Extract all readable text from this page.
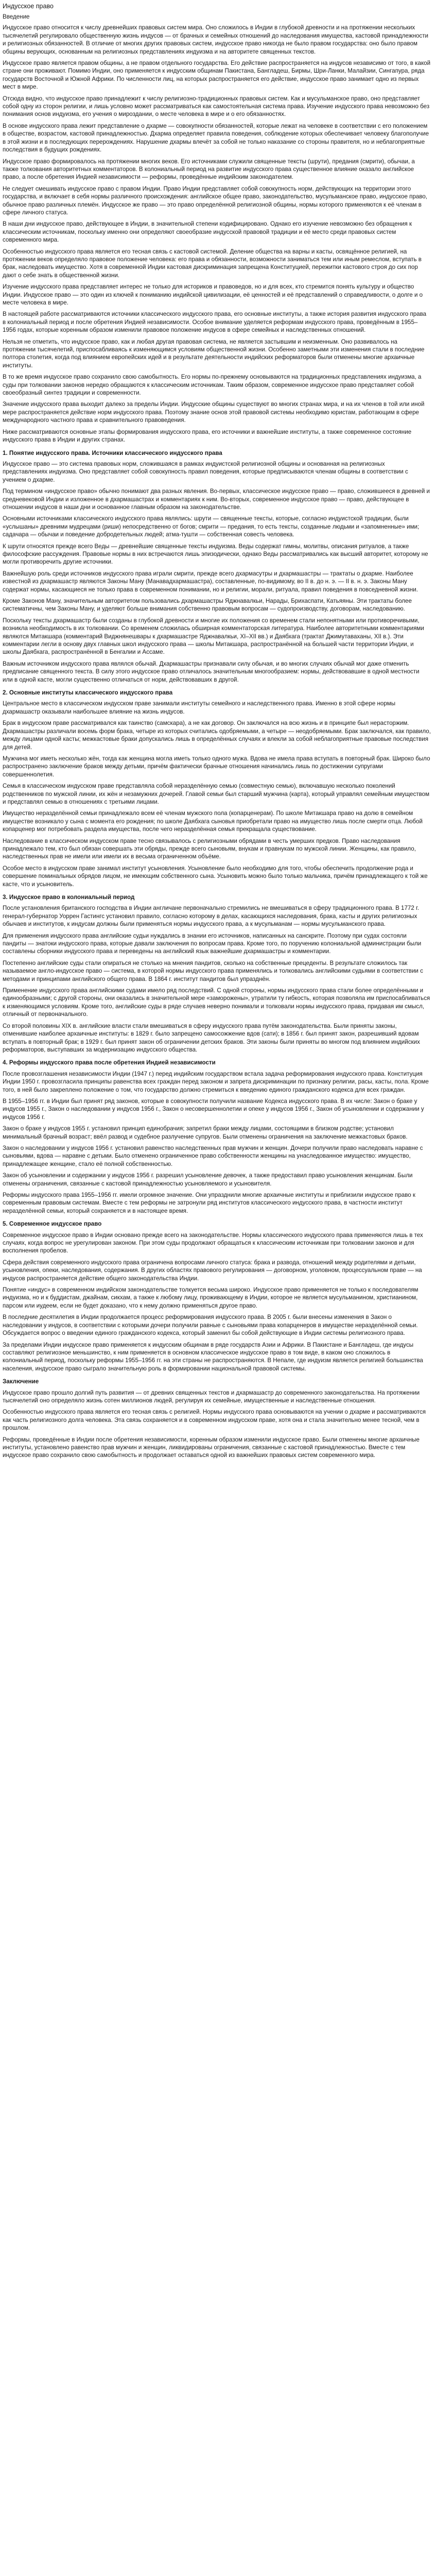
Индусское право
Введение

Индусское право относится к числу древнейших правовых систем мира. Оно сложилось в Индии в глубокой древности и на протяжении нескольких тысячелетий регулировало общественную жизнь индусов — от брачных и семейных отношений до наследования имущества, кастовой принадлежности и религиозных обязанностей. В отличие от многих других правовых систем, индусское право никогда не было правом государства: оно было правом общины верующих, основанным на религиозных представлениях индуизма и на авторитете священных текстов.

Индусское право является правом общины, а не правом отдельного государства. Его действие распространяется на индусов независимо от того, в какой стране они проживают. Помимо Индии, оно применяется к индусским общинам Пакистана, Бангладеш, Бирмы, Шри-Ланки, Малайзии, Сингапура, ряда государств Восточной и Южной Африки. По численности лиц, на которых распространяется его действие, индусское право занимает одно из первых мест в мире.

Отсюда видно, что индусское право принадлежит к числу религиозно-традиционных правовых систем. Как и мусульманское право, оно представляет собой одну из сторон религии, и лишь условно может рассматриваться как самостоятельная система права. Изучение индусского права невозможно без понимания основ индуизма, его учения о мироздании, о месте человека в мире и о его обязанностях.

В основе индусского права лежит представление о дхарме — совокупности обязанностей, которые лежат на человеке в соответствии с его положением в обществе, возрастом, кастовой принадлежностью. Дхарма определяет правила поведения, соблюдение которых обеспечивает человеку благополучие в этой жизни и в последующих перерождениях. Нарушение дхармы влечёт за собой не только наказание со стороны правителя, но и неблагоприятные последствия в будущих рождениях.

Индусское право формировалось на протяжении многих веков. Его источниками служили священные тексты (шрути), предания (смрити), обычаи, а также толкования авторитетных комментаторов. В колониальный период на развитие индусского права существенное влияние оказало английское право, а после обретения Индией независимости — реформы, проведённые индийским законодателем.

Не следует смешивать индусское право с правом Индии. Право Индии представляет собой совокупность норм, действующих на территории этого государства, и включает в себя нормы различного происхождения: английское общее право, законодательство, мусульманское право, индусское право, обычное право различных племён. Индусское же право — это право определённой религиозной общины, нормы которого применяются к её членам в сфере личного статуса.

В наши дни индусское право, действующее в Индии, в значительной степени кодифицировано. Однако его изучение невозможно без обращения к классическим источникам, поскольку именно они определяют своеобразие индусской правовой традиции и её место среди правовых систем современного мира.

Особенностью индусского права является его тесная связь с кастовой системой. Деление общества на варны и касты, освящённое религией, на протяжении веков определяло правовое положение человека: его права и обязанности, возможности заниматься тем или иным ремеслом, вступать в брак, наследовать имущество. Хотя в современной Индии кастовая дискриминация запрещена Конституцией, пережитки кастового строя до сих пор дают о себе знать в общественной жизни.

Изучение индусского права представляет интерес не только для историков и правоведов, но и для всех, кто стремится понять культуру и общество Индии. Индусское право — это один из ключей к пониманию индийской цивилизации, её ценностей и её представлений о справедливости, о долге и о месте человека в мире.

В настоящей работе рассматриваются источники классического индусского права, его основные институты, а также история развития индусского права в колониальный период и после обретения Индией независимости. Особое внимание уделяется реформам индусского права, проведённым в 1955–1956 годах, которые коренным образом изменили правовое положение индусов в сфере семейных и наследственных отношений.

Нельзя не отметить, что индусское право, как и любая другая правовая система, не является застывшим и неизменным. Оно развивалось на протяжении тысячелетий, приспосабливаясь к изменяющимся условиям общественной жизни. Особенно заметными эти изменения стали в последние полтора столетия, когда под влиянием европейских идей и в результате деятельности индийских реформаторов были отменены многие архаичные институты.

В то же время индусское право сохранило свою самобытность. Его нормы по-прежнему основываются на традиционных представлениях индуизма, а суды при толковании законов нередко обращаются к классическим источникам. Таким образом, современное индусское право представляет собой своеобразный синтез традиции и современности.

Значение индусского права выходит далеко за пределы Индии. Индусские общины существуют во многих странах мира, и на их членов в той или иной мере распространяется действие норм индусского права. Поэтому знание основ этой правовой системы необходимо юристам, работающим в сфере международного частного права и сравнительного правоведения.

Ниже рассматриваются основные этапы формирования индусского права, его источники и важнейшие институты, а также современное состояние индусского права в Индии и других странах.

1. Понятие индусского права. Источники классического индусского права

Индусское право — это система правовых норм, сложившаяся в рамках индуистской религиозной общины и основанная на религиозных представлениях индуизма. Оно представляет собой совокупность правил поведения, которые предписываются членам общины в соответствии с учением о дхарме.

Под термином «индусское право» обычно понимают два разных явления. Во-первых, классическое индусское право — право, сложившееся в древней и средневековой Индии и изложенное в дхармашастрах и комментариях к ним. Во-вторых, современное индусское право — право, действующее в отношении индусов в наши дни и основанное главным образом на законодательстве.

Основными источниками классического индусского права являлись: шрути — священные тексты, которые, согласно индуистской традиции, были «услышаны» древними мудрецами (риши) непосредственно от богов; смрити — предания, то есть тексты, созданные людьми и «запомненные» ими; садачара — обычаи и поведение добродетельных людей; атма-тушти — собственная совесть человека.

К шрути относятся прежде всего Веды — древнейшие священные тексты индуизма. Веды содержат гимны, молитвы, описания ритуалов, а также философские рассуждения. Правовые нормы в них встречаются лишь эпизодически, однако Веды рассматривались как высший авторитет, которому не могли противоречить другие источники.

Важнейшую роль среди источников индусского права играли смрити, прежде всего дхармасутры и дхармашастры — трактаты о дхарме. Наиболее известной из дхармашастр являются Законы Ману (Манавадхармашастра), составленные, по-видимому, во II в. до н. э. — II в. н. э. Законы Ману содержат нормы, касающиеся не только права в современном понимании, но и религии, морали, ритуала, правил поведения в повседневной жизни.

Кроме Законов Ману, значительным авторитетом пользовались дхармашастры Яджнавалкьи, Нарады, Брихаспати, Катьяяны. Эти трактаты более систематичны, чем Законы Ману, и уделяют больше внимания собственно правовым вопросам — судопроизводству, договорам, наследованию.

Поскольку тексты дхармашастр были созданы в глубокой древности и многие их положения со временем стали непонятными или противоречивыми, возникла необходимость в их толковании. Со временем сложилась обширная комментаторская литература. Наиболее авторитетными комментариями являются Митакшара (комментарий Виджнянешвары к дхармашастре Яджнавалкьи, XI–XII вв.) и Даябхага (трактат Джимутаваханы, XII в.). Эти комментарии легли в основу двух главных школ индусского права — школы Митакшара, распространённой на большей части территории Индии, и школы Даябхага, распространённой в Бенгалии и Ассаме.

Важным источником индусского права являлся обычай. Дхармашастры признавали силу обычая, и во многих случаях обычай мог даже отменить предписание священного текста. В силу этого индусское право отличалось значительным многообразием: нормы, действовавшие в одной местности или в одной касте, могли существенно отличаться от норм, действовавших в другой.

2. Основные институты классического индусского права

Центральное место в классическом индусском праве занимали институты семейного и наследственного права. Именно в этой сфере нормы дхармашастр оказывали наибольшее влияние на жизнь индусов.

Брак в индусском праве рассматривался как таинство (самскара), а не как договор. Он заключался на всю жизнь и в принципе был нерасторжим. Дхармашастры различали восемь форм брака, четыре из которых считались одобряемыми, а четыре — неодобряемыми. Брак заключался, как правило, между лицами одной касты; межкастовые браки допускались лишь в определённых случаях и влекли за собой неблагоприятные правовые последствия для детей.

Мужчина мог иметь несколько жён, тогда как женщина могла иметь только одного мужа. Вдова не имела права вступать в повторный брак. Широко было распространено заключение браков между детьми, причём фактически брачные отношения начинались лишь по достижении супругами совершеннолетия.

Семья в классическом индусском праве представляла собой неразделённую семью (совместную семью), включавшую несколько поколений родственников по мужской линии, их жён и незамужних дочерей. Главой семьи был старший мужчина (карта), который управлял семейным имуществом и представлял семью в отношениях с третьими лицами.

Имущество неразделённой семьи принадлежало всем её членам мужского пола (копарценерам). По школе Митакшара право на долю в семейном имуществе возникало у сына с момента его рождения; по школе Даябхага сыновья приобретали право на имущество лишь после смерти отца. Любой копарценер мог потребовать раздела имущества, после чего неразделённая семья прекращала существование.

Наследование в классическом индусском праве тесно связывалось с религиозными обрядами в честь умерших предков. Право наследования принадлежало тем, кто был обязан совершать эти обряды, прежде всего сыновьям, внукам и правнукам по мужской линии. Женщины, как правило, наследственных прав не имели или имели их в весьма ограниченном объёме.

Особое место в индусском праве занимал институт усыновления. Усыновление было необходимо для того, чтобы обеспечить продолжение рода и совершение поминальных обрядов лицом, не имеющим собственного сына. Усыновить можно было только мальчика, причём принадлежащего к той же касте, что и усыновитель.

3. Индусское право в колониальный период

После установления британского господства в Индии англичане первоначально стремились не вмешиваться в сферу традиционного права. В 1772 г. генерал-губернатор Уоррен Гастингс установил правило, согласно которому в делах, касающихся наследования, брака, касты и других религиозных обычаев и институтов, к индусам должны были применяться нормы индусского права, а к мусульманам — нормы мусульманского права.

Для применения индусского права английские судьи нуждались в знании его источников, написанных на санскрите. Поэтому при судах состояли пандиты — знатоки индусского права, которые давали заключения по вопросам права. Кроме того, по поручению колониальной администрации были составлены сборники индусского права и переведены на английский язык важнейшие дхармашастры и комментарии.

Постепенно английские суды стали опираться не столько на мнения пандитов, сколько на собственные прецеденты. В результате сложилось так называемое англо-индусское право — система, в которой нормы индусского права применялись и толковались английскими судьями в соответствии с методами и принципами английского общего права. В 1864 г. институт пандитов был упразднён.

Применение индусского права английскими судами имело ряд последствий. С одной стороны, нормы индусского права стали более определёнными и единообразными; с другой стороны, они оказались в значительной мере «заморожены», утратили ту гибкость, которая позволяла им приспосабливаться к изменяющимся условиям. Кроме того, английские суды в ряде случаев неверно понимали и толковали нормы индусского права, придавая им смысл, отличный от первоначального.

Со второй половины XIX в. английские власти стали вмешиваться в сферу индусского права путём законодательства. Были приняты законы, отменившие наиболее архаичные институты: в 1829 г. было запрещено самосожжение вдов (сати); в 1856 г. был принят закон, разрешивший вдовам вступать в повторный брак; в 1929 г. был принят закон об ограничении детских браков. Эти законы были приняты во многом под влиянием индийских реформаторов, выступавших за модернизацию индусского общества.

4. Реформы индусского права после обретения Индией независимости

После провозглашения независимости Индии (1947 г.) перед индийским государством встала задача реформирования индусского права. Конституция Индии 1950 г. провозгласила принципы равенства всех граждан перед законом и запрета дискриминации по признаку религии, расы, касты, пола. Кроме того, в ней было закреплено положение о том, что государство должно стремиться к введению единого гражданского кодекса для всех граждан.

В 1955–1956 гг. в Индии был принят ряд законов, которые в совокупности получили название Кодекса индусского права. В их числе: Закон о браке у индусов 1955 г., Закон о наследовании у индусов 1956 г., Закон о несовершеннолетии и опеке у индусов 1956 г., Закон об усыновлении и содержании у индусов 1956 г.

Закон о браке у индусов 1955 г. установил принцип единобрачия; запретил браки между лицами, состоящими в близком родстве; установил минимальный брачный возраст; ввёл развод и судебное разлучение супругов. Были отменены ограничения на заключение межкастовых браков.

Закон о наследовании у индусов 1956 г. установил равенство наследственных прав мужчин и женщин. Дочери получили право наследовать наравне с сыновьями, вдова — наравне с детьми. Было отменено ограниченное право собственности женщины на унаследованное имущество: имущество, принадлежащее женщине, стало её полной собственностью.

Закон об усыновлении и содержании у индусов 1956 г. разрешил усыновление девочек, а также предоставил право усыновления женщинам. Были отменены ограничения, связанные с кастовой принадлежностью усыновляемого и усыновителя.

Реформы индусского права 1955–1956 гг. имели огромное значение. Они упразднили многие архаичные институты и приблизили индусское право к современным правовым системам. Вместе с тем реформы не затронули ряд институтов классического индусского права, в частности институт неразделённой семьи, который сохраняется и в настоящее время.

5. Современное индусское право

Современное индусское право в Индии основано прежде всего на законодательстве. Нормы классического индусского права применяются лишь в тех случаях, когда вопрос не урегулирован законом. При этом суды продолжают обращаться к классическим источникам при толковании законов и для восполнения пробелов.

Сфера действия современного индусского права ограничена вопросами личного статуса: брака и развода, отношений между родителями и детьми, усыновления, опеки, наследования, содержания. В других областях правового регулирования — договорном, уголовном, процессуальном праве — на индусов распространяется действие общего законодательства Индии.

Понятие «индус» в современном индийском законодательстве толкуется весьма широко. Индусское право применяется не только к последователям индуизма, но и к буддистам, джайнам, сикхам, а также к любому лицу, проживающему в Индии, которое не является мусульманином, христианином, парсом или иудеем, если не будет доказано, что к нему должно применяться другое право.

В последние десятилетия в Индии продолжается процесс реформирования индусского права. В 2005 г. были внесены изменения в Закон о наследовании у индусов, в соответствии с которыми дочери получили равные с сыновьями права копарценеров в имуществе неразделённой семьи. Обсуждается вопрос о введении единого гражданского кодекса, который заменил бы собой действующие в Индии системы религиозного права.

За пределами Индии индусское право применяется к индусским общинам в ряде государств Азии и Африки. В Пакистане и Бангладеш, где индусы составляют религиозное меньшинство, к ним применяется в основном классическое индусское право в том виде, в каком оно сложилось в колониальный период, поскольку реформы 1955–1956 гг. на эти страны не распространяются. В Непале, где индуизм является религией большинства населения, индусское право сыграло значительную роль в формировании национальной правовой системы.

Заключение

Индусское право прошло долгий путь развития — от древних священных текстов и дхармашастр до современного законодательства. На протяжении тысячелетий оно определяло жизнь сотен миллионов людей, регулируя их семейные, имущественные и наследственные отношения.

Особенностью индусского права является его тесная связь с религией. Нормы индусского права основываются на учении о дхарме и рассматриваются как часть религиозного долга человека. Эта связь сохраняется и в современном индусском праве, хотя она и стала значительно менее тесной, чем в прошлом.

Реформы, проведённые в Индии после обретения независимости, коренным образом изменили индусское право. Были отменены многие архаичные институты, установлено равенство прав мужчин и женщин, ликвидированы ограничения, связанные с кастовой принадлежностью. Вместе с тем индусское право сохранило свою самобытность и продолжает оставаться одной из важнейших правовых систем современного мира.
